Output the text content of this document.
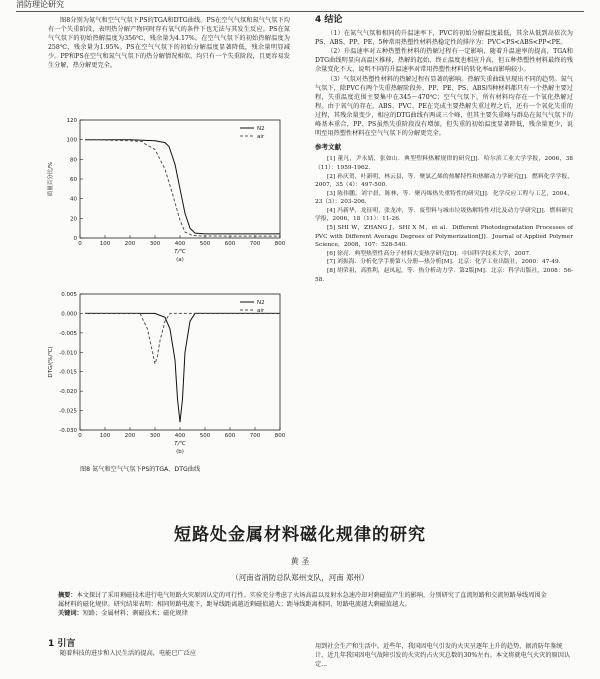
消防理论研究

图8分别为氮气和空气气氛下PS的TGA和DTG曲线。PS在空气气氛和氮气气氛下均有一个失重阶段，表明热分解产物同时存有氧气的条件下也无法与其发生反应。PS在氮气气氛下的初始热解温度为356℃，残余量为4.17%，在空气气氛下的初始热解温度为258℃，残余量为1.95%。PS在空气气氛下的初始分解温度显著降低，残余量明显减少。PP和PS在空气和氮气气氛下的热分解情况相似，均只有一个失重阶段，且更容易发生分解，热分解更完全。

0	100	200	300	400	500	600	700	800
0
20
40
60
80
100
120
T/℃
质量百分比/%
(a)
N2
air
0	100	200	300	400	500	600	700	800
0.005
0.000
-0.005
-0.010
-0.015
-0.020
-0.025
-0.030
T/℃
DTG/(%/℃)
(b)
N2
air
图8 氮气和空气气氛下PS的TGA、DTG曲线
4 结论

（1）在氮气气氛和相同的升温速率下，PVC的初始分解温度最低，其余从低到高依次为PS、ABS、PP、PE，5种常用热塑性材料热稳定性的排序为：PVC<PS<ABS<PP<PE。

（2）升温速率对五种热塑性材料的热解过程有一定影响，随着升温速率的提高，TGA和DTG曲线明显向高温区推移，热解的起始、终止温度也相应升高，但五种热塑性材料最终的残余量变化不大，说明不同的升温速率对常用热塑性材料的转化率α而影响较小。

（3）气氛对热塑性材料的热解过程有显著的影响。热解失重曲线呈现出不同的趋势。氮气气氛下，除PVC有两个失重热解阶段外，PP、PE、PS、ABS四种材料都只有一个热解主要过程，失重温度范围主要集中在345～470℃；空气气氛下，所有材料均存在一个氧化热解过程。由于氧气的存在，ABS、PVC、PE在完成主要热解失重过程之后，还有一个氧化失重的过程，其残余量变少，相应的DTG曲线有两或三个峰，但其主要失重峰与群岛在氮气气氛下的峰基本重合，PP、PS虽然失重阶段没有增加，但失重的初始温度显著降低，残余量更少，说明至用热塑性材料在空气气氛下的分解更完全。

参考文献

[1] 董凡，尹永婧，张如山．典型塑料热解规律的研究[J]．哈尔滨工业大学学报，2006，38（11）：1959-1962．

[2] 孙庆贺，叶新明，林云县，等．聚氯乙烯的热解特性和热解动力学研究[J]．燃料化学学报，2007，35（4）：497-500．

[3] 陈伟鹏，刘宇晨，陈林，等．聚丙烯热失重特性的研究[J]．化学反应工程与工艺，2004，23（3）：203-206．

[4] 冯新华，龙征明，张龙冲，等．废塑料与城市垃圾热解特性对比及动力学研究[J]．燃料研究学报，2006，18（11）：11-26．

[5] SHI W，ZHANG J，SHI X M，et al．Different Photodegradation Processes of PVC with Different Average Degrees of Polymerization[J]．Journal of Applied Polymer Science，2008，107：528-540．

[6] 徐亮．典型热塑性高分子材料大变热学研究[D]．中国科学技术大学，2007．

[7] 刘振海．分析化学手册第八分册—热分析[M]．北京：化学工业出版社，2000：47-49．

[8] 胡荣祖，高胜利，赵凤起，等．热分析动力学．第2版[M]．北京：科学出版社，2008：56-58．

短路处金属材料磁化规律的研究
黄 圣
（河南省消防总队郑州支队，河南 郑州）
摘要：本文探讨了采用剩磁技术进行电气短路火灾原因认定的可行性。实验充分考虑了火场高温以及射水急速冷却对剩磁值产生的影响，分别研究了直流短路和交流短路导线周围金属材料的磁化规律。研究结果表明：相同短路电流下，距导线距离越近剩磁值越大；距导线距离相同，短路电流越大剩磁值越大。
关键词：短路；金属材料；剩磁技术；磁化规律
1 引言
随着科技的进步和人民生活的提高，电能已广泛应
用到社会生产和生活中。近些年，我国因电气引发的火灾呈逐年上升的趋势，据消防年鉴统计，近几年我国因电气故障引发的火灾约占火灾总数的30%左右。本文将就电气火灾的原因认定...
